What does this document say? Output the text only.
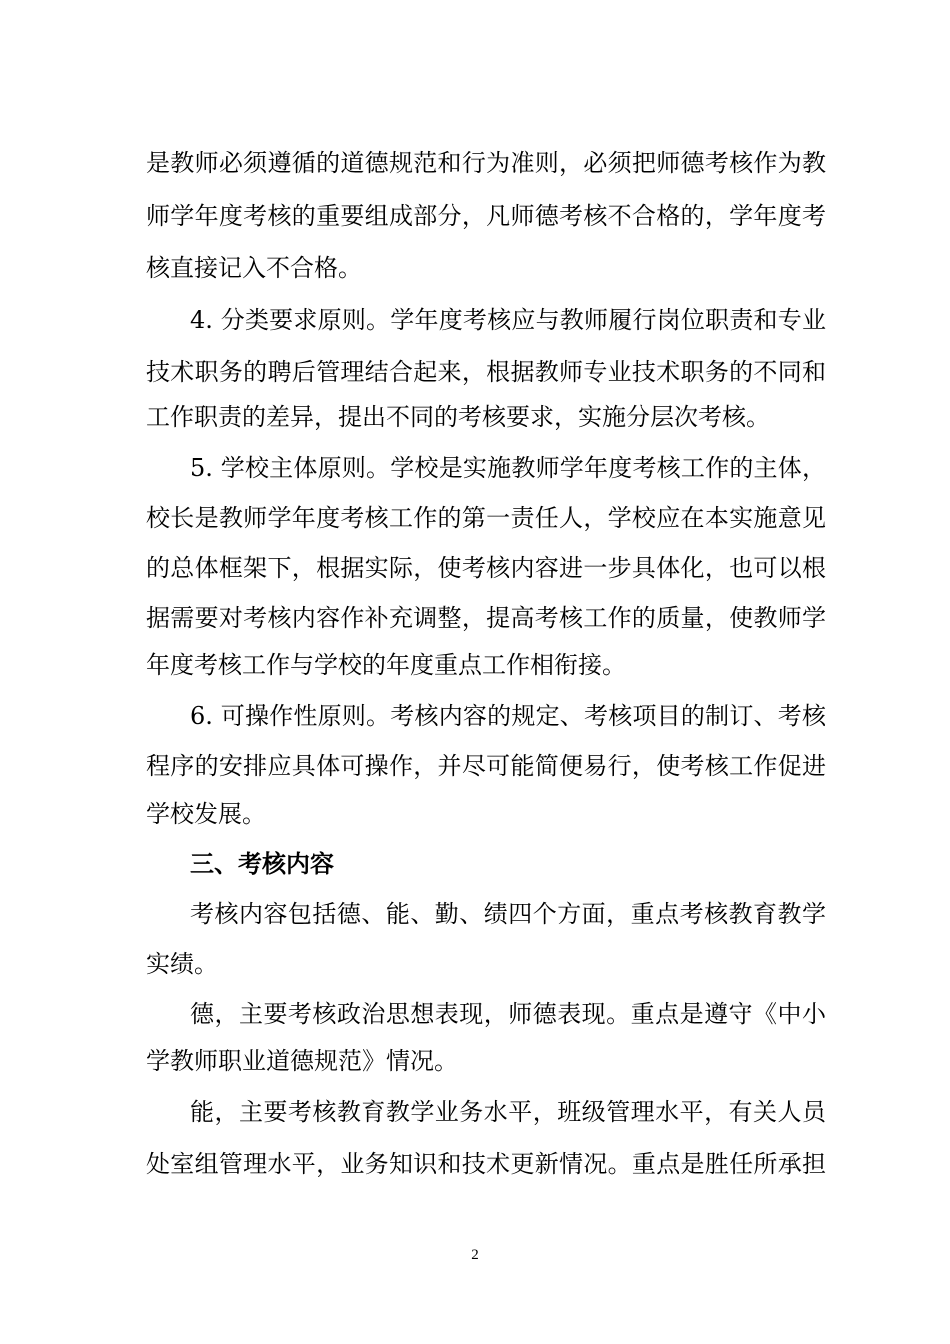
是教师必须遵循的道德规范和行为准则，必须把师德考核作为教
师学年度考核的重要组成部分，凡师德考核不合格的，学年度考
核直接记入不合格。
4. 分类要求原则。学年度考核应与教师履行岗位职责和专业
技术职务的聘后管理结合起来，根据教师专业技术职务的不同和
工作职责的差异，提出不同的考核要求，实施分层次考核。
5. 学校主体原则。学校是实施教师学年度考核工作的主体，
校长是教师学年度考核工作的第一责任人，学校应在本实施意见
的总体框架下，根据实际，使考核内容进一步具体化，也可以根
据需要对考核内容作补充调整，提高考核工作的质量，使教师学
年度考核工作与学校的年度重点工作相衔接。
6. 可操作性原则。考核内容的规定、考核项目的制订、考核
程序的安排应具体可操作，并尽可能简便易行，使考核工作促进
学校发展。
三、考核内容
考核内容包括德、能、勤、绩四个方面，重点考核教育教学
实绩。
德，主要考核政治思想表现，师德表现。重点是遵守《中小
学教师职业道德规范》情况。
能，主要考核教育教学业务水平，班级管理水平，有关人员
处室组管理水平，业务知识和技术更新情况。重点是胜任所承担
2
